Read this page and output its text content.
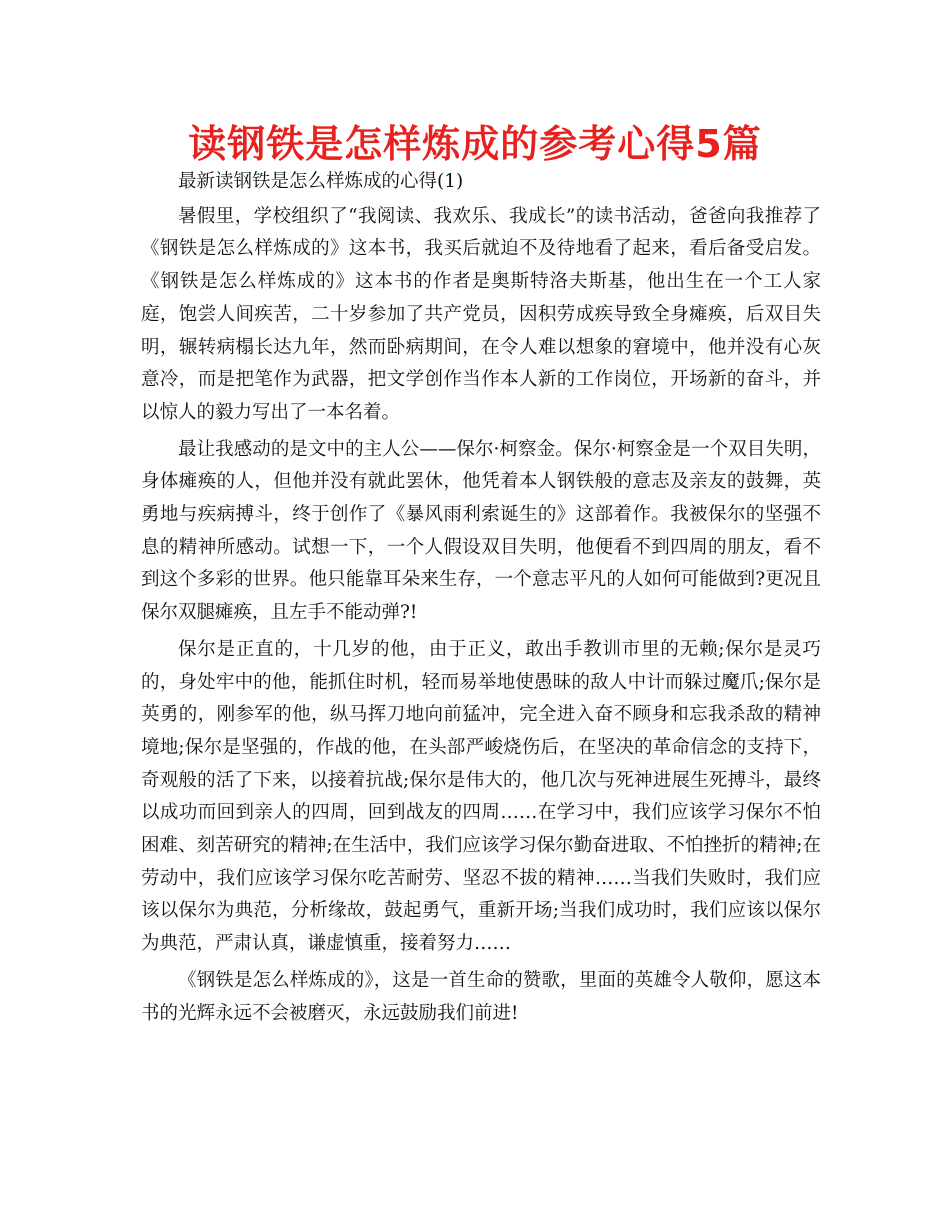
读钢铁是怎样炼成的参考心得5篇

最新读钢铁是怎么样炼成的心得(1)

暑假里，学校组织了“我阅读、我欢乐、我成长”的读书活动，爸爸向我推荐了《钢铁是怎么样炼成的》这本书，我买后就迫不及待地看了起来，看后备受启发。《钢铁是怎么样炼成的》这本书的作者是奥斯特洛夫斯基，他出生在一个工人家庭，饱尝人间疾苦，二十岁参加了共产党员，因积劳成疾导致全身瘫痪，后双目失明，辗转病榻长达九年，然而卧病期间，在令人难以想象的窘境中，他并没有心灰意冷，而是把笔作为武器，把文学创作当作本人新的工作岗位，开场新的奋斗，并以惊人的毅力写出了一本名着。

最让我感动的是文中的主人公——保尔·柯察金。保尔·柯察金是一个双目失明，身体瘫痪的人，但他并没有就此罢休，他凭着本人钢铁般的意志及亲友的鼓舞，英勇地与疾病搏斗，终于创作了《暴风雨利索诞生的》这部着作。我被保尔的坚强不息的精神所感动。试想一下，一个人假设双目失明，他便看不到四周的朋友，看不到这个多彩的世界。他只能靠耳朵来生存，一个意志平凡的人如何可能做到?更况且保尔双腿瘫痪，且左手不能动弹?!

保尔是正直的，十几岁的他，由于正义，敢出手教训市里的无赖;保尔是灵巧的，身处牢中的他，能抓住时机，轻而易举地使愚昧的敌人中计而躲过魔爪;保尔是英勇的，刚参军的他，纵马挥刀地向前猛冲，完全进入奋不顾身和忘我杀敌的精神境地;保尔是坚强的，作战的他，在头部严峻烧伤后，在坚决的革命信念的支持下，奇观般的活了下来，以接着抗战;保尔是伟大的，他几次与死神进展生死搏斗，最终以成功而回到亲人的四周，回到战友的四周……在学习中，我们应该学习保尔不怕困难、刻苦研究的精神;在生活中，我们应该学习保尔勤奋进取、不怕挫折的精神;在劳动中，我们应该学习保尔吃苦耐劳、坚忍不拔的精神……当我们失败时，我们应该以保尔为典范，分析缘故，鼓起勇气，重新开场;当我们成功时，我们应该以保尔为典范，严肃认真，谦虚慎重，接着努力……

《钢铁是怎么样炼成的》，这是一首生命的赞歌，里面的英雄令人敬仰，愿这本书的光辉永远不会被磨灭，永远鼓励我们前进!
